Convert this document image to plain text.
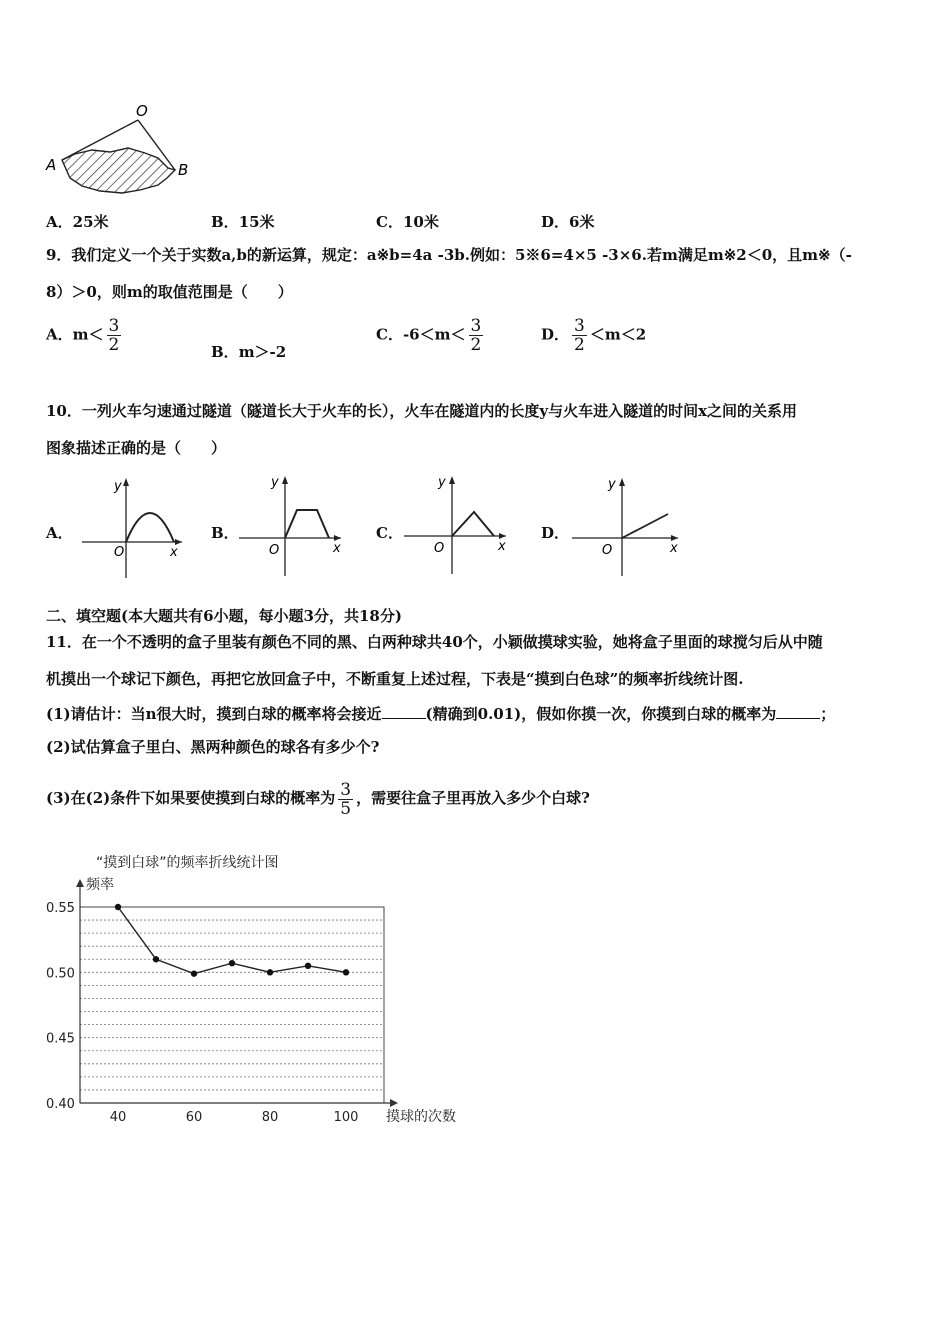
O
A	B
A．25米	B．15米	C．10米	D．6米
9．我们定义一个关于实数a,b的新运算，规定：a※b=4a -3b.例如：5※6=4×5 -3×6.若m满足m※2＜0，且m※（-
8）＞0，则m的取值范围是（　　）
A．$m< \frac{3}{2}$	B．m＞-2
C．$-6<m< \frac{3}{2}$	D． $\frac{3}{2} <m<2$
10．一列火车匀速通过隧道（隧道长大于火车的长），火车在隧道内的长度y与火车进入隧道的时间x之间的关系用
图象描述正确的是（　　）
A．	B．	C．	D．
y
x
O
y
x
O
y
x
O
y
x
O
二、填空题(本大题共有6小题，每小题3分，共18分)
11．在一个不透明的盒子里装有颜色不同的黑、白两种球共40个，小颖做摸球实验，她将盒子里面的球搅匀后从中随
机摸出一个球记下颜色，再把它放回盒子中，不断重复上述过程，下表是“摸到白色球”的频率折线统计图.
(1)请估计：当n很大时，摸到白球的概率将会接近	(精确到0.01)，假如你摸一次，你摸到白球的概率为	；
(2)试估算盒子里白、黑两种颜色的球各有多少个?
(3)在(2)条件下如果要使摸到白球的概率为 $\frac{3}{5}$ ，需要往盒子里再放入多少个白球?
“摸到白球”的频率折线统计图
频率
摸球的次数
0.55
0.50
0.45
0.40
40	60	80	100
